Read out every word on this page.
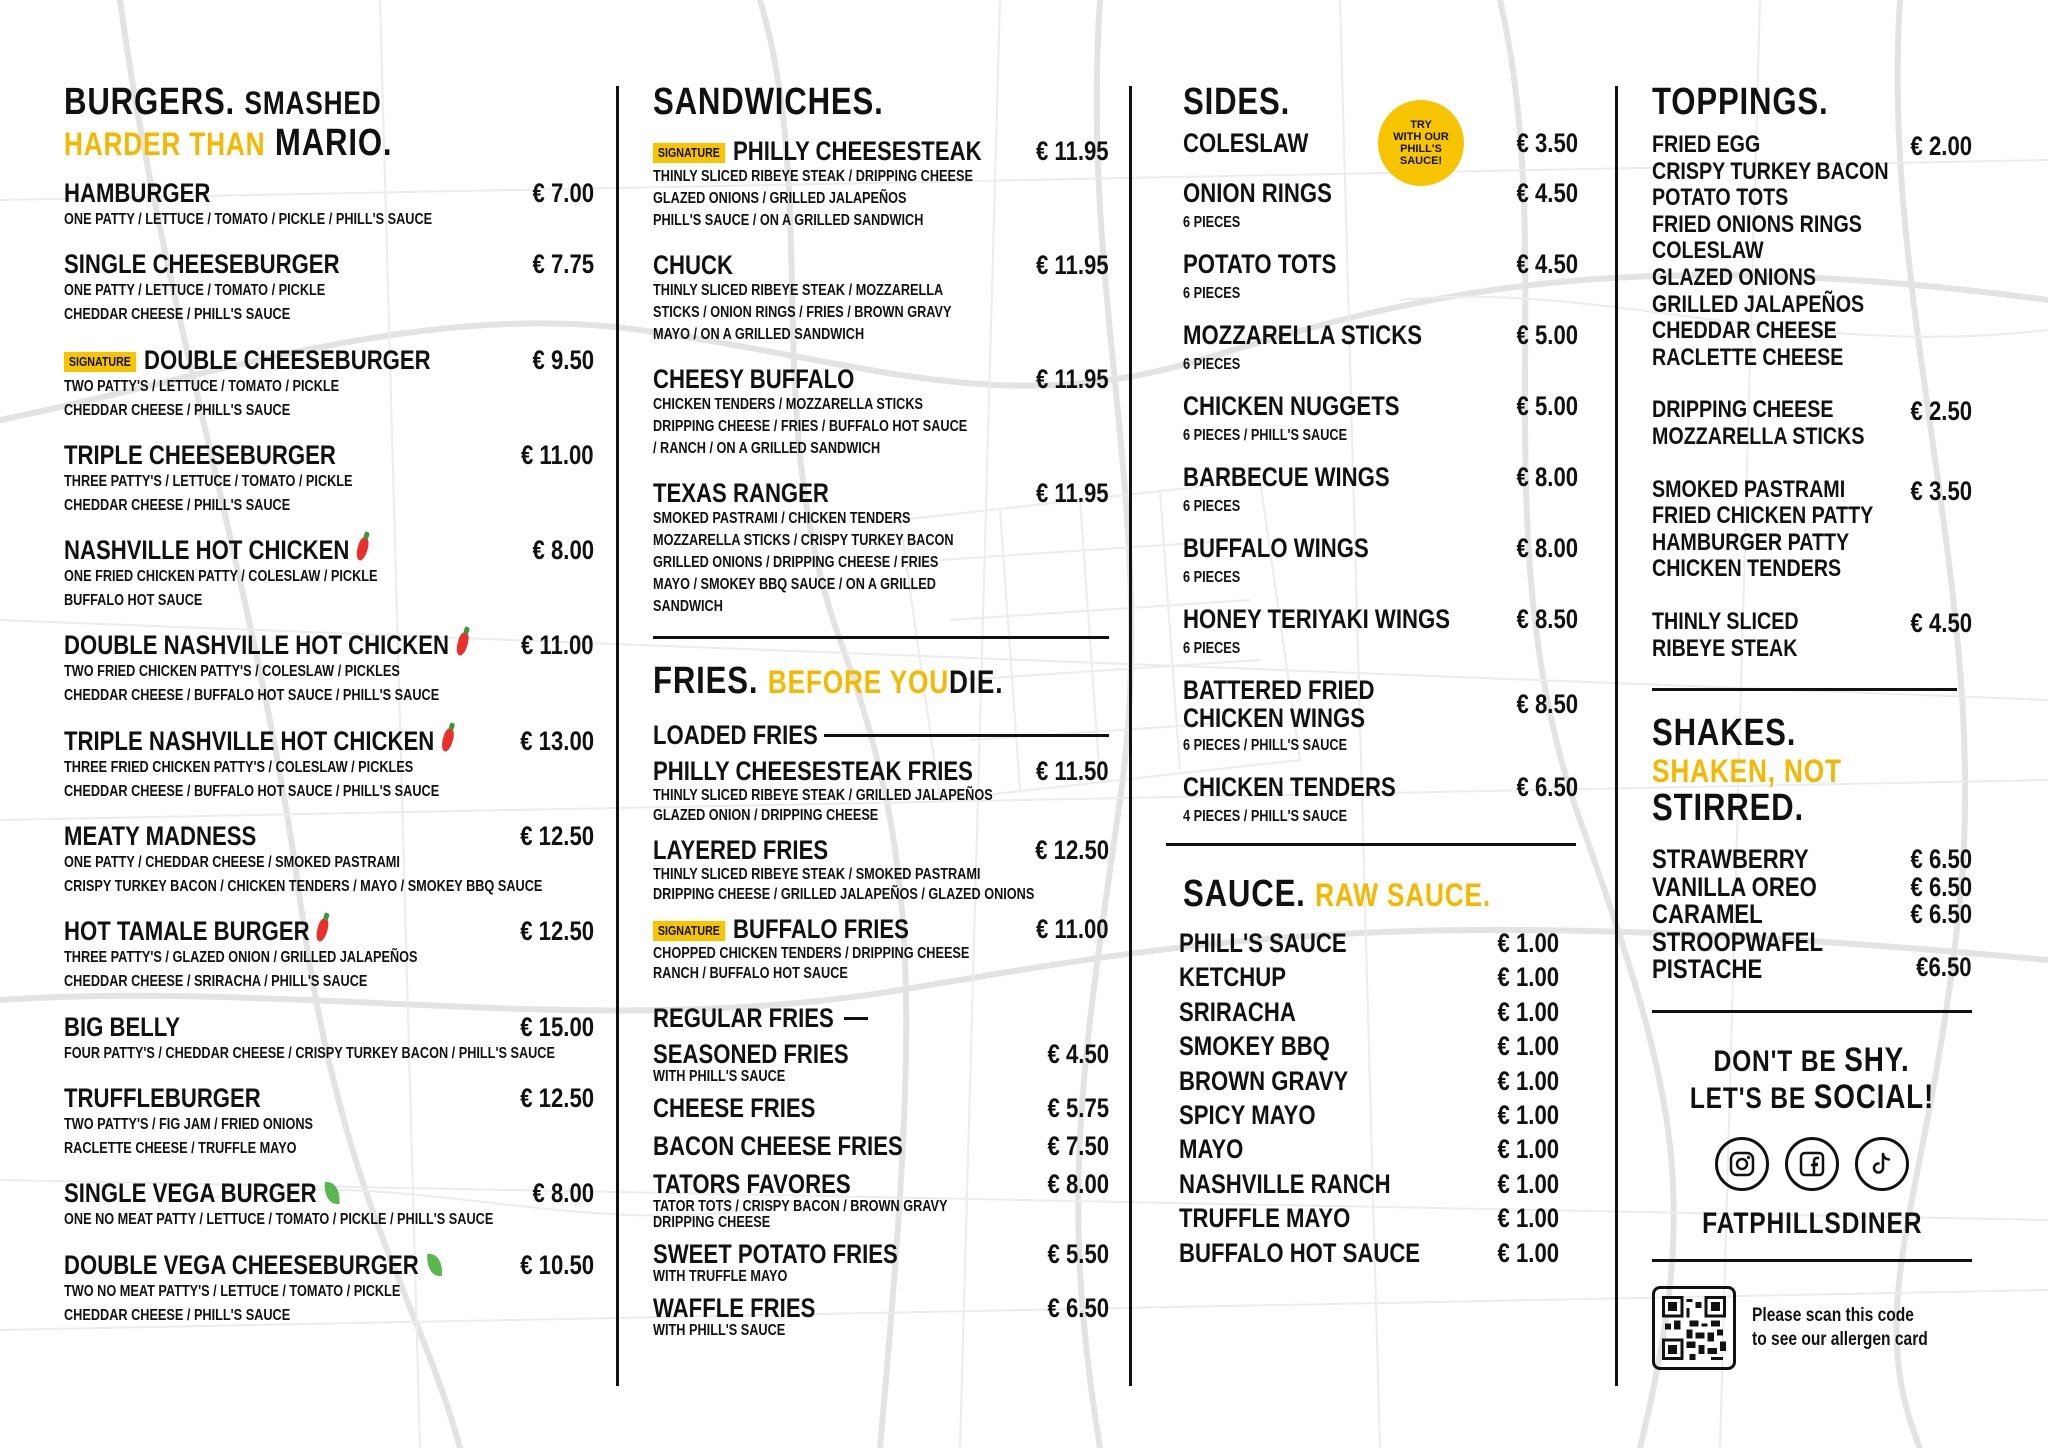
BURGERS. SMASHED
HARDER THAN MARIO.
HAMBURGER	€ 7.00
ONE PATTY / LETTUCE / TOMATO / PICKLE / PHILL'S SAUCE
SINGLE CHEESEBURGER	€ 7.75
ONE PATTY / LETTUCE / TOMATO / PICKLE
CHEDDAR CHEESE / PHILL'S SAUCE
SIGNATURE DOUBLE CHEESEBURGER	€ 9.50
TWO PATTY'S / LETTUCE / TOMATO / PICKLE
CHEDDAR CHEESE / PHILL'S SAUCE
TRIPLE CHEESEBURGER	€ 11.00
THREE PATTY'S / LETTUCE / TOMATO / PICKLE
CHEDDAR CHEESE / PHILL'S SAUCE
NASHVILLE HOT CHICKEN	€ 8.00
ONE FRIED CHICKEN PATTY / COLESLAW / PICKLE
BUFFALO HOT SAUCE
DOUBLE NASHVILLE HOT CHICKEN	€ 11.00
TWO FRIED CHICKEN PATTY'S / COLESLAW / PICKLES
CHEDDAR CHEESE / BUFFALO HOT SAUCE / PHILL'S SAUCE
TRIPLE NASHVILLE HOT CHICKEN	€ 13.00
THREE FRIED CHICKEN PATTY'S / COLESLAW / PICKLES
CHEDDAR CHEESE / BUFFALO HOT SAUCE / PHILL'S SAUCE
MEATY MADNESS	€ 12.50
ONE PATTY / CHEDDAR CHEESE / SMOKED PASTRAMI
CRISPY TURKEY BACON / CHICKEN TENDERS / MAYO / SMOKEY BBQ SAUCE
HOT TAMALE BURGER	€ 12.50
THREE PATTY'S / GLAZED ONION / GRILLED JALAPEÑOS
CHEDDAR CHEESE / SRIRACHA / PHILL'S SAUCE
BIG BELLY	€ 15.00
FOUR PATTY'S / CHEDDAR CHEESE / CRISPY TURKEY BACON / PHILL'S SAUCE
TRUFFLEBURGER	€ 12.50
TWO PATTY'S / FIG JAM / FRIED ONIONS
RACLETTE CHEESE / TRUFFLE MAYO
SINGLE VEGA BURGER	€ 8.00
ONE NO MEAT PATTY / LETTUCE / TOMATO / PICKLE / PHILL'S SAUCE
DOUBLE VEGA CHEESEBURGER	€ 10.50
TWO NO MEAT PATTY'S / LETTUCE / TOMATO / PICKLE
CHEDDAR CHEESE / PHILL'S SAUCE
SANDWICHES.
SIGNATURE PHILLY CHEESESTEAK	€ 11.95
THINLY SLICED RIBEYE STEAK / DRIPPING CHEESE
GLAZED ONIONS / GRILLED JALAPEÑOS
PHILL'S SAUCE / ON A GRILLED SANDWICH
CHUCK	€ 11.95
THINLY SLICED RIBEYE STEAK / MOZZARELLA
STICKS / ONION RINGS / FRIES / BROWN GRAVY
MAYO / ON A GRILLED SANDWICH
CHEESY BUFFALO	€ 11.95
CHICKEN TENDERS / MOZZARELLA STICKS
DRIPPING CHEESE / FRIES / BUFFALO HOT SAUCE
/ RANCH / ON A GRILLED SANDWICH
TEXAS RANGER	€ 11.95
SMOKED PASTRAMI / CHICKEN TENDERS
MOZZARELLA STICKS / CRISPY TURKEY BACON
GRILLED ONIONS / DRIPPING CHEESE / FRIES
MAYO / SMOKEY BBQ SAUCE / ON A GRILLED
SANDWICH
FRIES. BEFORE YOUDIE.
LOADED FRIES
PHILLY CHEESESTEAK FRIES	€ 11.50
THINLY SLICED RIBEYE STEAK / GRILLED JALAPEÑOS
GLAZED ONION / DRIPPING CHEESE
LAYERED FRIES	€ 12.50
THINLY SLICED RIBEYE STEAK / SMOKED PASTRAMI
DRIPPING CHEESE / GRILLED JALAPEÑOS / GLAZED ONIONS
SIGNATURE BUFFALO FRIES	€ 11.00
CHOPPED CHICKEN TENDERS / DRIPPING CHEESE
RANCH / BUFFALO HOT SAUCE
REGULAR FRIES
SEASONED FRIES	€ 4.50
WITH PHILL'S SAUCE
CHEESE FRIES	€ 5.75
BACON CHEESE FRIES	€ 7.50
TATORS FAVORES	€ 8.00
TATOR TOTS / CRISPY BACON / BROWN GRAVY
DRIPPING CHEESE
SWEET POTATO FRIES	€ 5.50
WITH TRUFFLE MAYO
WAFFLE FRIES	€ 6.50
WITH PHILL'S SAUCE
SIDES.
TRY
WITH OUR
PHILL'S
SAUCE!
COLESLAW	€ 3.50
ONION RINGS	€ 4.50
6 PIECES
POTATO TOTS	€ 4.50
6 PIECES
MOZZARELLA STICKS	€ 5.00
6 PIECES
CHICKEN NUGGETS	€ 5.00
6 PIECES / PHILL'S SAUCE
BARBECUE WINGS	€ 8.00
6 PIECES
BUFFALO WINGS	€ 8.00
6 PIECES
HONEY TERIYAKI WINGS	€ 8.50
6 PIECES
BATTERED FRIED
CHICKEN WINGS	€ 8.50
6 PIECES / PHILL'S SAUCE
CHICKEN TENDERS	€ 6.50
4 PIECES / PHILL'S SAUCE
SAUCE. RAW SAUCE.
PHILL'S SAUCE	€ 1.00
KETCHUP	€ 1.00
SRIRACHA	€ 1.00
SMOKEY BBQ	€ 1.00
BROWN GRAVY	€ 1.00
SPICY MAYO	€ 1.00
MAYO	€ 1.00
NASHVILLE RANCH	€ 1.00
TRUFFLE MAYO	€ 1.00
BUFFALO HOT SAUCE	€ 1.00
TOPPINGS.
FRIED EGG
CRISPY TURKEY BACON
POTATO TOTS
FRIED ONIONS RINGS
COLESLAW
GLAZED ONIONS
GRILLED JALAPEÑOS
CHEDDAR CHEESE
RACLETTE CHEESE
€ 2.00
DRIPPING CHEESE
MOZZARELLA STICKS
€ 2.50
SMOKED PASTRAMI
FRIED CHICKEN PATTY
HAMBURGER PATTY
CHICKEN TENDERS
€ 3.50
THINLY SLICED
RIBEYE STEAK
€ 4.50
SHAKES.
SHAKEN, NOT
STIRRED.
STRAWBERRY	€ 6.50
VANILLA OREO	€ 6.50
CARAMEL	€ 6.50
STROOPWAFEL
PISTACHE	€6.50
DON'T BE SHY.
LET'S BE SOCIAL!

FATPHILLSDINER
Please scan this code
to see our allergen card
